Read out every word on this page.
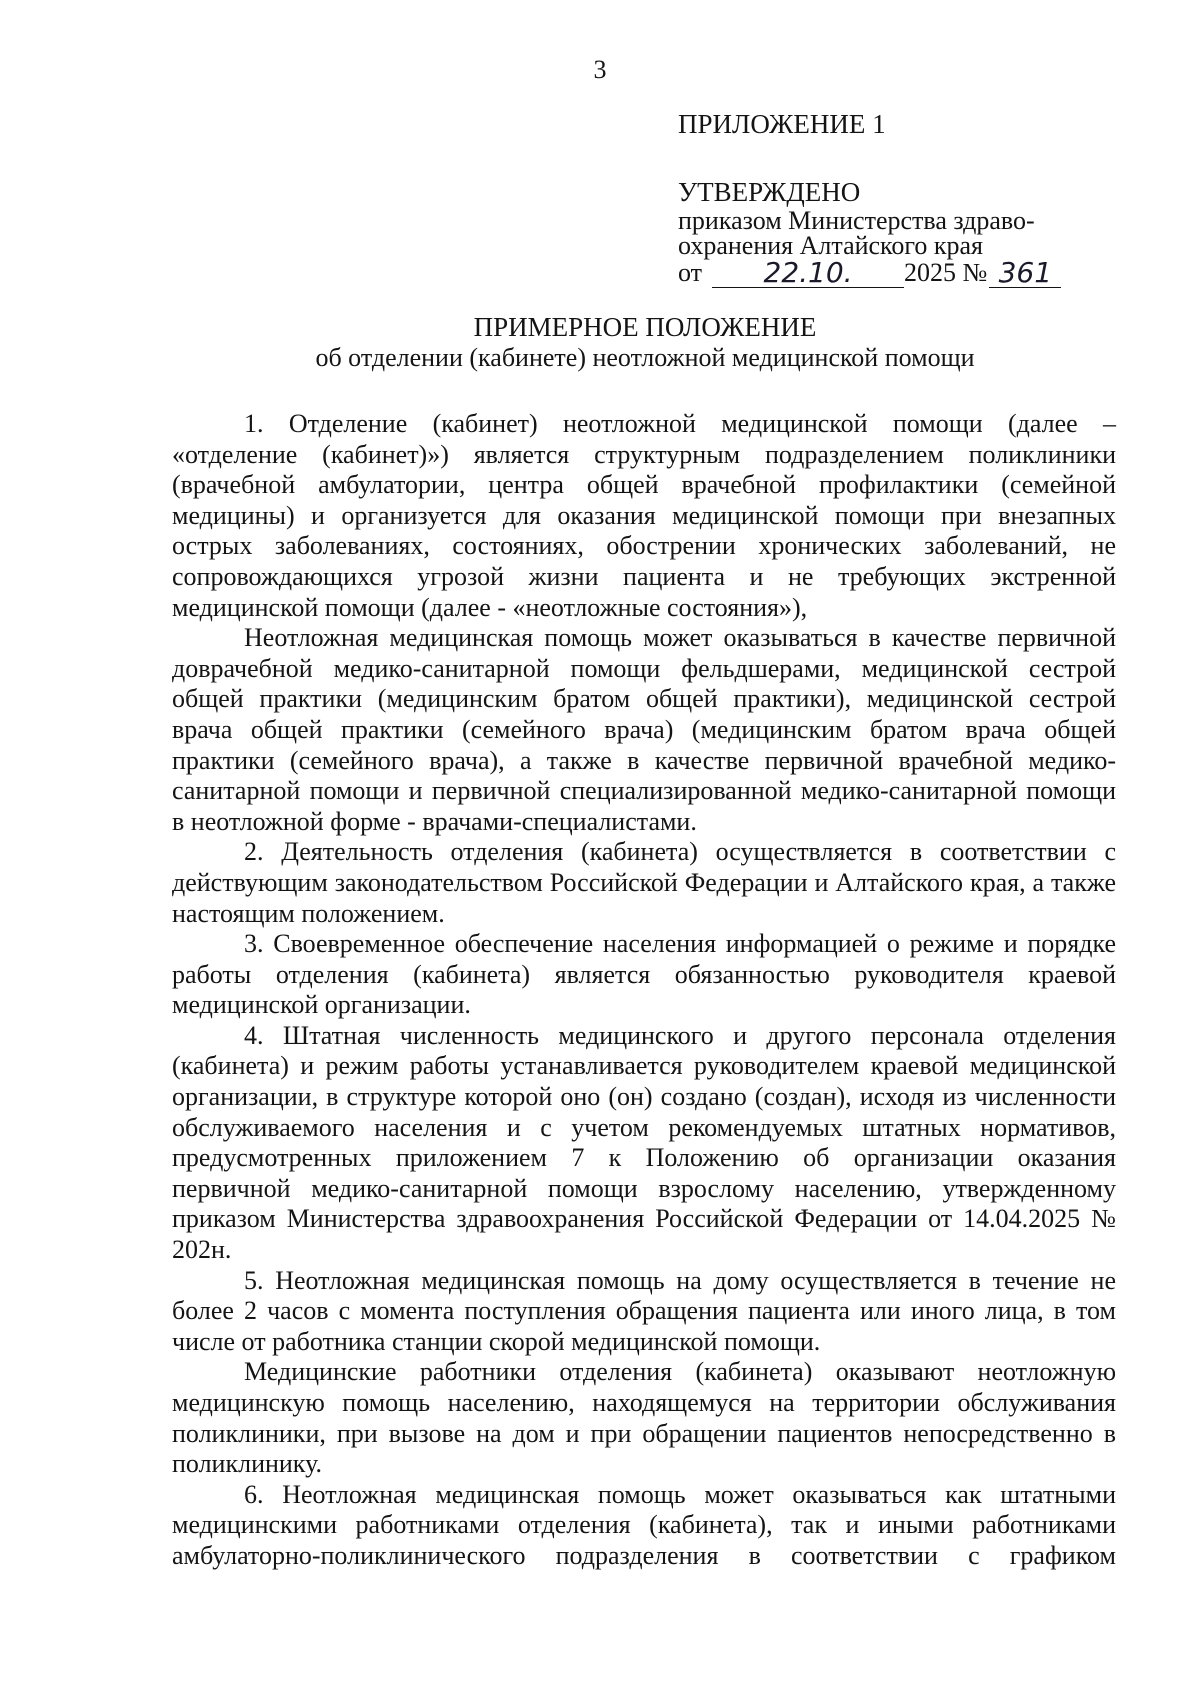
3

ПРИЛОЖЕНИЕ 1

УТВЕРЖДЕНО

приказом Министерства здраво-

охранения Алтайского края

от	22.10.	2025 № 361

ПРИМЕРНОЕ ПОЛОЖЕНИЕ

об отделении (кабинете) неотложной медицинской помощи

1. Отделение (кабинет) неотложной медицинской помощи (далее – «отделение (кабинет)») является структурным подразделением поликлиники (врачебной амбулатории, центра общей врачебной профилактики (семейной медицины) и организуется для оказания медицинской помощи при внезапных острых заболеваниях, состояниях, обострении хронических заболеваний, не сопровождающихся угрозой жизни пациента и не требующих экстренной медицинской помощи (далее - «неотложные состояния»),

Неотложная медицинская помощь может оказываться в качестве первичной доврачебной медико-санитарной помощи фельдшерами, медицинской сестрой общей практики (медицинским братом общей практики), медицинской сестрой врача общей практики (семейного врача) (медицинским братом врача общей практики (семейного врача), а также в качестве первичной врачебной медико-санитарной помощи и первичной специализированной медико-санитарной помощи в неотложной форме - врачами-специалистами.

2. Деятельность отделения (кабинета) осуществляется в соответствии с действующим законодательством Российской Федерации и Алтайского края, а также настоящим положением.

3. Своевременное обеспечение населения информацией о режиме и порядке работы отделения (кабинета) является обязанностью руководителя краевой медицинской организации.

4. Штатная численность медицинского и другого персонала отделения (кабинета) и режим работы устанавливается руководителем краевой медицинской организации, в структуре которой оно (он) создано (создан), исходя из численности обслуживаемого населения и с учетом рекомендуемых штатных нормативов, предусмотренных приложением 7 к Положению об организации оказания первичной медико-санитарной помощи взрослому населению, утвержденному приказом Министерства здравоохранения Российской Федерации от 14.04.2025 № 202н.

5. Неотложная медицинская помощь на дому осуществляется в течение не более 2 часов с момента поступления обращения пациента или иного лица, в том числе от работника станции скорой медицинской помощи.

Медицинские работники отделения (кабинета) оказывают неотложную медицинскую помощь населению, находящемуся на территории обслуживания поликлиники, при вызове на дом и при обращении пациентов непосредственно в поликлинику.

6. Неотложная медицинская помощь может оказываться как штатными медицинскими работниками отделения (кабинета), так и иными работниками амбулаторно-поликлинического подразделения в соответствии с графиком
